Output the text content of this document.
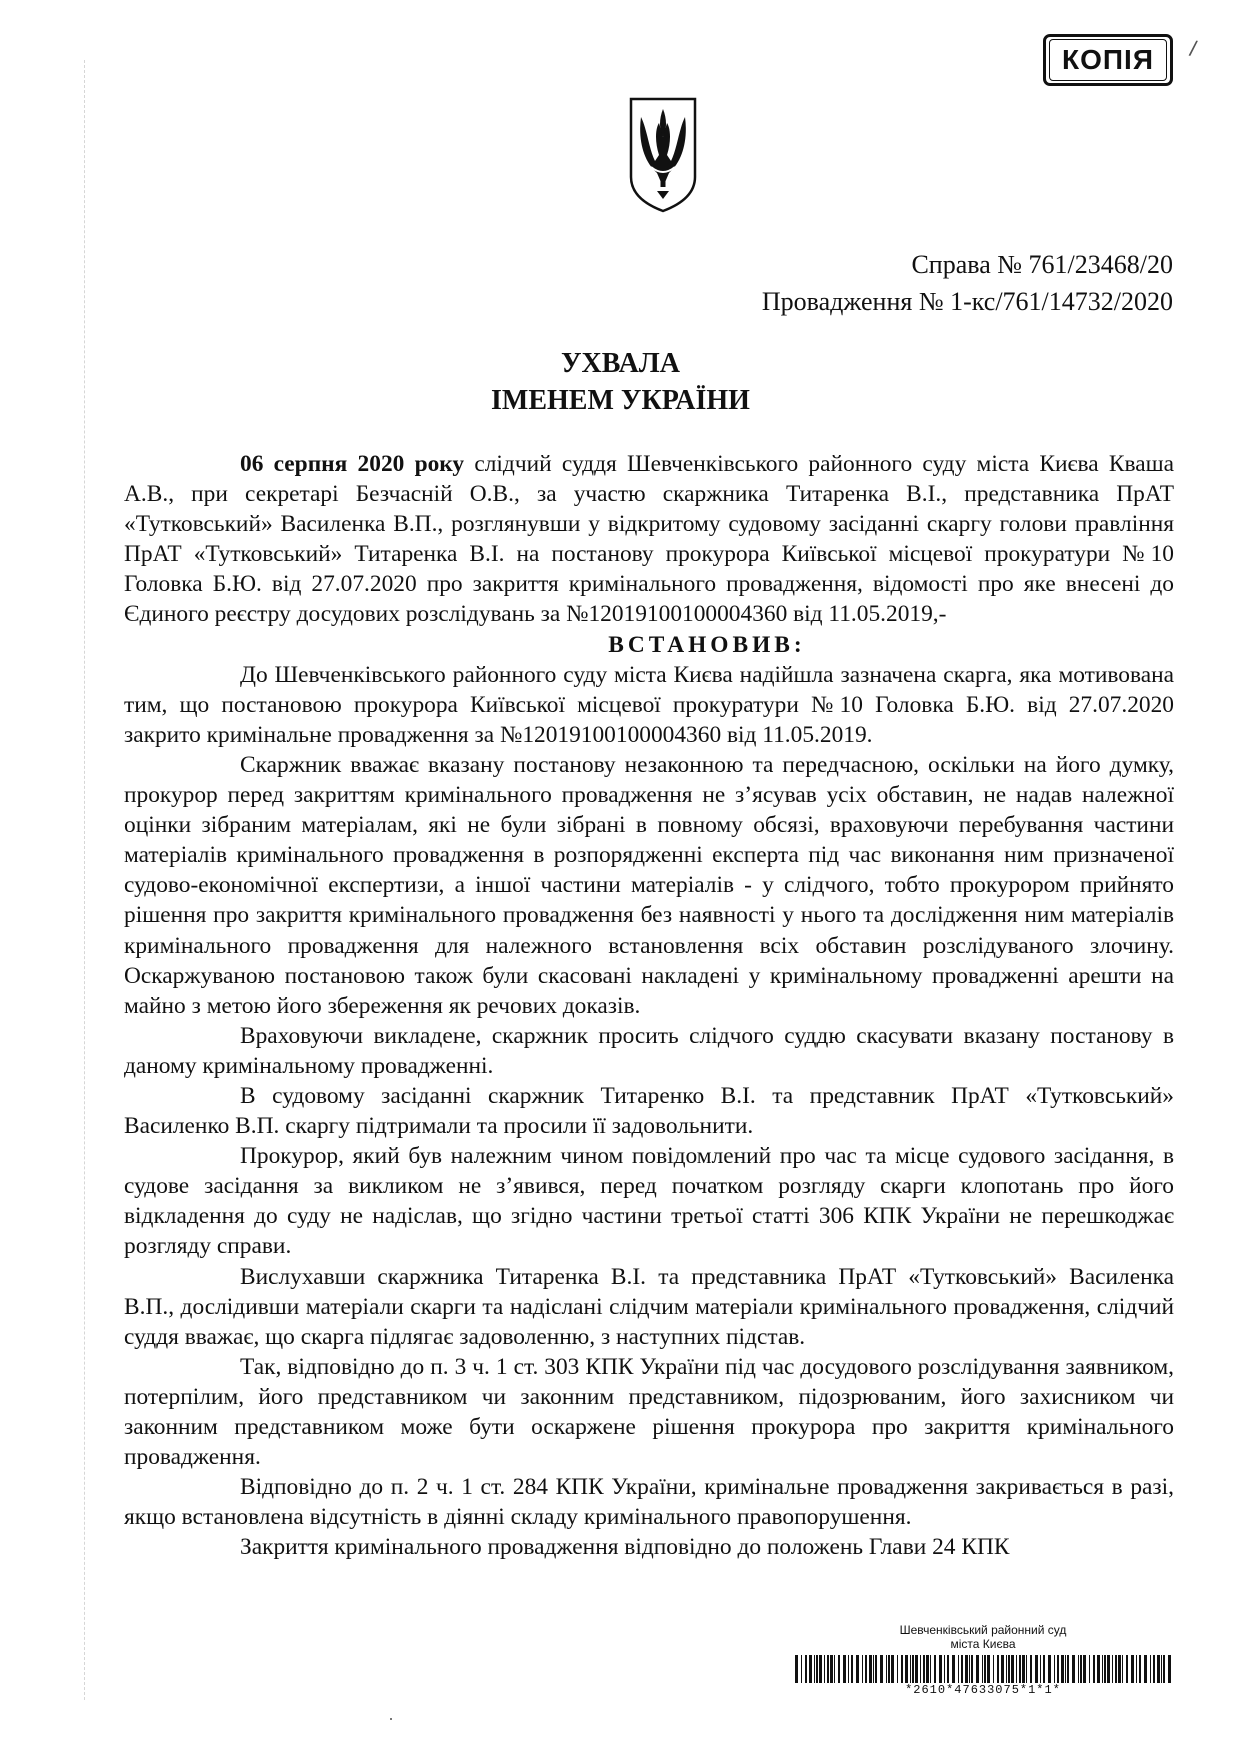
КОПІЯ	/
Справа № 761/23468/20
Провадження № 1-кс/761/14732/2020
УХВАЛА
ІМЕНЕМ УКРАЇНИ

06 серпня 2020 року слідчий суддя Шевченківського районного суду міста Києва Кваша А.В., при секретарі Безчасній О.В., за участю скаржника Титаренка В.І., представника ПрАТ «Тутковський» Василенка В.П., розглянувши у відкритому судовому засіданні скаргу голови правління ПрАТ «Тутковський» Титаренка В.І. на постанову прокурора Київської місцевої прокуратури №10 Головка Б.Ю. від 27.07.2020 про закриття кримінального провадження, відомості про яке внесені до Єдиного реєстру досудових розслідувань за №12019100100004360 від 11.05.2019,-

ВСТАНОВИВ:

До Шевченківського районного суду міста Києва надійшла зазначена скарга, яка мотивована тим, що постановою прокурора Київської місцевої прокуратури №10 Головка Б.Ю. від 27.07.2020 закрито кримінальне провадження за №12019100100004360 від 11.05.2019.

Скаржник вважає вказану постанову незаконною та передчасною, оскільки на його думку, прокурор перед закриттям кримінального провадження не з’ясував усіх обставин, не надав належної оцінки зібраним матеріалам, які не були зібрані в повному обсязі, враховуючи перебування частини матеріалів кримінального провадження в розпорядженні експерта під час виконання ним призначеної судово-економічної експертизи, а іншої частини матеріалів - у слідчого, тобто прокурором прийнято рішення про закриття кримінального провадження без наявності у нього та дослідження ним матеріалів кримінального провадження для належного встановлення всіх обставин розслідуваного злочину. Оскаржуваною постановою також були скасовані накладені у кримінальному провадженні арешти на майно з метою його збереження як речових доказів.

Враховуючи викладене, скаржник просить слідчого суддю скасувати вказану постанову в даному кримінальному провадженні.

В судовому засіданні скаржник Титаренко В.І. та представник ПрАТ «Тутковський» Василенко В.П. скаргу підтримали та просили її задовольнити.

Прокурор, який був належним чином повідомлений про час та місце судового засідання, в судове засідання за викликом не з’явився, перед початком розгляду скарги клопотань про його відкладення до суду не надіслав, що згідно частини третьої статті 306 КПК України не перешкоджає розгляду справи.

Вислухавши скаржника Титаренка В.І. та представника ПрАТ «Тутковський» Василенка В.П., дослідивши матеріали скарги та надіслані слідчим матеріали кримінального провадження, слідчий суддя вважає, що скарга підлягає задоволенню, з наступних підстав.

Так, відповідно до п. 3 ч. 1 ст. 303 КПК України під час досудового розслідування заявником, потерпілим, його представником чи законним представником, підозрюваним, його захисником чи законним представником може бути оскаржене рішення прокурора про закриття кримінального провадження.

Відповідно до п. 2 ч. 1 ст. 284 КПК України, кримінальне провадження закривається в разі, якщо встановлена відсутність в діянні складу кримінального правопорушення.

Закриття кримінального провадження відповідно до положень Глави 24 КПК

Шевченківський районний суд
міста Києва
*2610*47633075*1*1*
